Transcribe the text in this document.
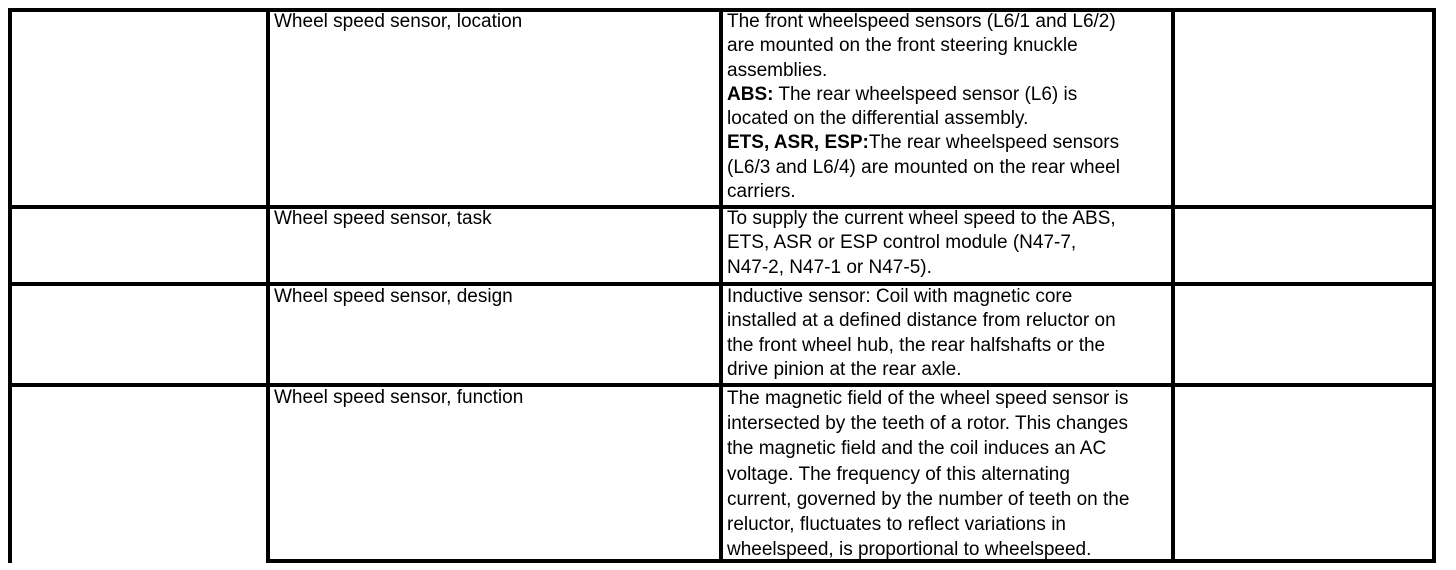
Wheel speed sensor, location	The front wheelspeed sensors (L6/1 and L6/2)
are mounted on the front steering knuckle
assemblies.
ABS: The rear wheelspeed sensor (L6) is
located on the differential assembly.
ETS, ASR, ESP:The rear wheelspeed sensors
(L6/3 and L6/4) are mounted on the rear wheel
carriers.
Wheel speed sensor, task	To supply the current wheel speed to the ABS,
ETS, ASR or ESP control module (N47-7,
N47-2, N47-1 or N47-5).
Wheel speed sensor, design	Inductive sensor: Coil with magnetic core
installed at a defined distance from reluctor on
the front wheel hub, the rear halfshafts or the
drive pinion at the rear axle.
Wheel speed sensor, function	The magnetic field of the wheel speed sensor is
intersected by the teeth of a rotor. This changes
the magnetic field and the coil induces an AC
voltage. The frequency of this alternating
current, governed by the number of teeth on the
reluctor, fluctuates to reflect variations in
wheelspeed, is proportional to wheelspeed.
